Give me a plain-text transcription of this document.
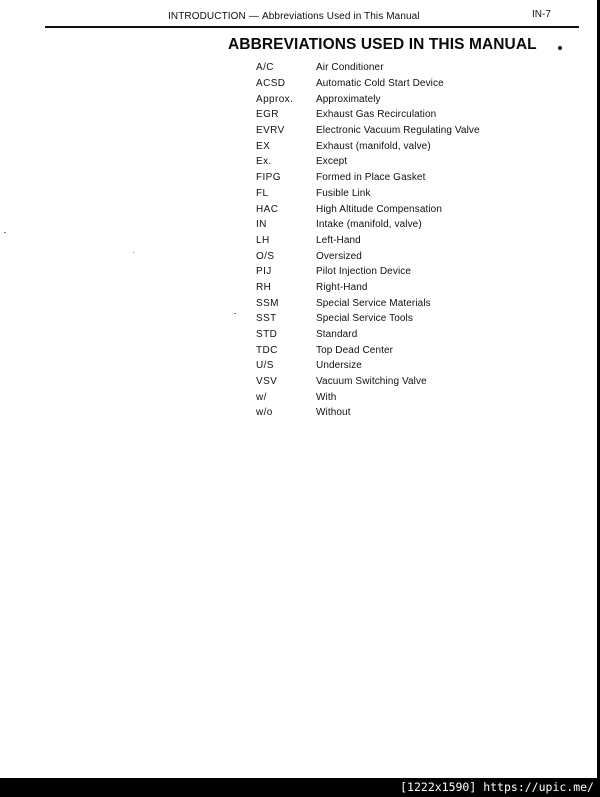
INTRODUCTION — Abbreviations Used in This Manual	IN-7
ABBREVIATIONS USED IN THIS MANUAL
A/C	Air Conditioner
ACSD	Automatic Cold Start Device
Approx.	Approximately
EGR	Exhaust Gas Recirculation
EVRV	Electronic Vacuum Regulating Valve
EX	Exhaust (manifold, valve)
Ex.	Except
FIPG	Formed in Place Gasket
FL	Fusible Link
HAC	High Altitude Compensation
IN	Intake (manifold, valve)
LH	Left-Hand
O/S	Oversized
PIJ	Pilot Injection Device
RH	Right-Hand
SSM	Special Service Materials
SST	Special Service Tools
STD	Standard
TDC	Top Dead Center
U/S	Undersize
VSV	Vacuum Switching Valve
w/	With
w/o	Without
[1222x1590] https://upic.me/
